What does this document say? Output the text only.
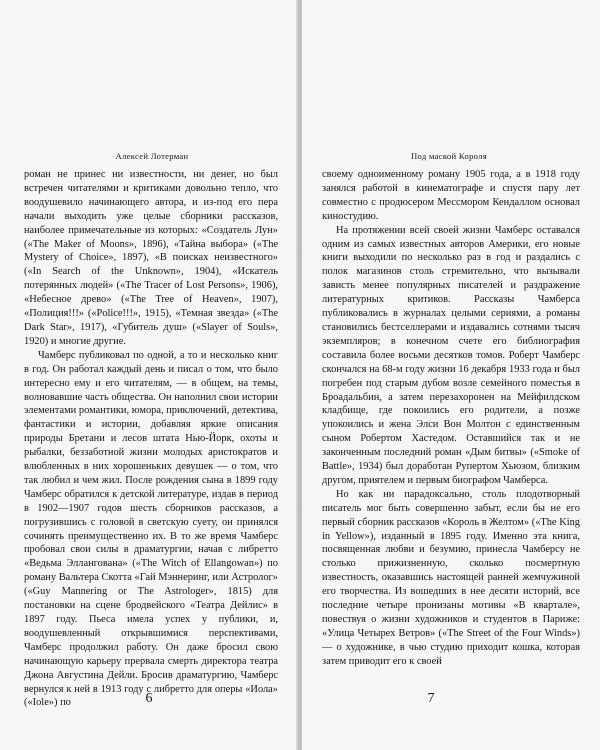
Алексей Лотерман

роман не принес ни известности, ни денег, но был встречен читателями и критиками довольно тепло, что воодушевило начинающего автора, и из-под его пера начали выходить уже целые сборники рассказов, наиболее примечательные из которых: «Создатель Лун» («The Maker of Moons», 1896), «Тайна выбора» («The Mystery of Choice», 1897), «В поисках неизвестного» («In Search of the Unknown», 1904), «Искатель потерянных людей» («The Tracer of Lost Persons», 1906), «Небесное древо» («The Tree of Heaven», 1907), «Полиция!!!» («Police!!!», 1915), «Темная звезда» («The Dark Star», 1917), «Губитель душ» («Slayer of Souls», 1920) и многие другие.

Чамберс публиковал по одной, а то и несколько книг в год. Он работал каждый день и писал о том, что было интересно ему и его читателям, — в общем, на темы, волновавшие часть общества. Он наполнил свои истории элементами романтики, юмора, приключений, детектива, фантастики и истории, добавляя яркие описания природы Бретани и лесов штата Нью-Йорк, охоты и рыбалки, беззаботной жизни молодых аристократов и влюбленных в них хорошеньких девушек — о том, что так любил и чем жил. После рождения сына в 1899 году Чамберс обратился к детской литературе, издав в период в 1902—1907 годов шесть сборников рассказов, а погрузившись с головой в светскую суету, он принялся сочинять преимущественно их. В то же время Чамберс пробовал свои силы в драматургии, начав с либретто «Ведьма Эллангована» («The Witch of Ellangowan») по роману Вальтера Скотта «Гай Мэннеринг, или Астролог» («Guy Mannering or The Astrologer», 1815) для постановки на сцене бродвейского «Театра Дейлис» в 1897 году. Пьеса имела успех у публики, и, воодушевленный открывшимися перспективами, Чамберс продолжил работу. Он даже бросил свою начинающую карьеру прервала смерть директора театра Джона Августина Дейли. Бросив драматургию, Чамберс вернулся к ней в 1913 году с либретто для оперы «Иола» («Iole») по	6
Под маской Короля

своему одноименному роману 1905 года, а в 1918 году занялся работой в кинематографе и спустя пару лет совместно с продюсером Мессмором Кендаллом основал киностудию.

На протяжении всей своей жизни Чамберс оставался одним из самых известных авторов Америки, его новые книги выходили по несколько раз в год и раздались с полок магазинов столь стремительно, что вызывали зависть менее популярных писателей и раздражение литературных критиков. Рассказы Чамберса публиковались в журналах целыми сериями, а романы становились бестселлерами и издавались сотнями тысяч экземпляров; в конечном счете его библиография составила более восьми десятков томов. Роберт Чамберс скончался на 68-м году жизни 16 декабря 1933 года и был погребен под старым дубом возле семейного поместья в Броадальбин, а затем перезахоронен на Мейфилдском кладбище, где покоились его родители, а позже упокоились и жена Элси Вон Молтон с единственным сыном Робертом Хастедом. Оставшийся так и не законченным последний роман «Дым битвы» («Smoke of Battle», 1934) был доработан Рупертом Хьюзом, близким другом, приятелем и первым биографом Чамберса.

Но как ни парадоксально, столь плодотворный писатель мог быть совершенно забыт, если бы не его первый сборник рассказов «Король в Желтом» («The King in Yellow»), изданный в 1895 году. Именно эта книга, посвященная любви и безумию, принесла Чамберсу не столько прижизненную, сколько посмертную известность, оказавшись настоящей ранней жемчужиной его творчества. Из вошедших в нее десяти историй, все последние четыре пронизаны мотивы «В квартале», повествуя о жизни художников и студентов в Париже: «Улица Четырех Ветров» («The Street of the Four Winds») — о художнике, в чью студию приходит кошка, которая затем приводит его к своей

7
